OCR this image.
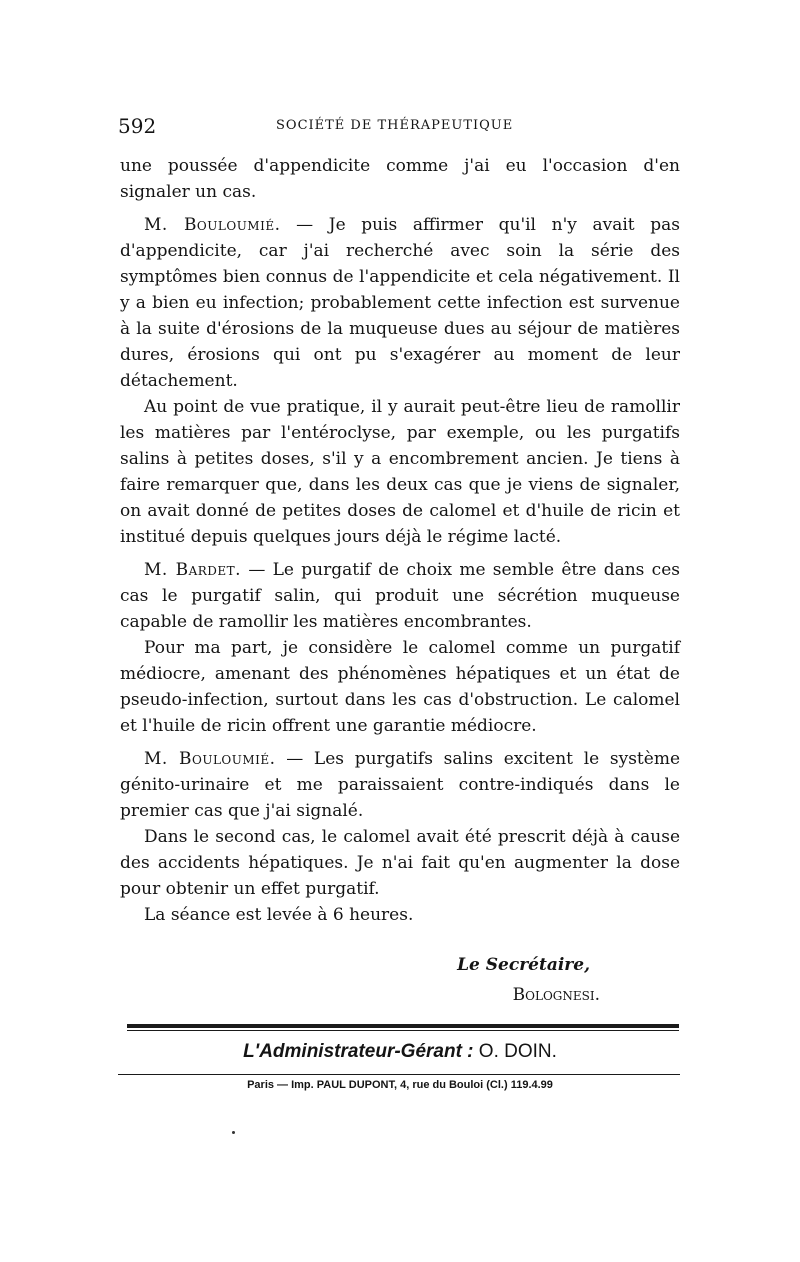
592	SOCIÉTÉ DE THÉRAPEUTIQUE

une poussée d'appendicite comme j'ai eu l'occasion d'en signaler un cas.

M. Bouloumié. — Je puis affirmer qu'il n'y avait pas d'appendicite, car j'ai recherché avec soin la série des symptômes bien connus de l'appendicite et cela négativement. Il y a bien eu infection; probablement cette infection est survenue à la suite d'érosions de la muqueuse dues au séjour de matières dures, érosions qui ont pu s'exagérer au moment de leur détachement.

Au point de vue pratique, il y aurait peut-être lieu de ramollir les matières par l'entéroclyse, par exemple, ou les purgatifs salins à petites doses, s'il y a encombrement ancien. Je tiens à faire remarquer que, dans les deux cas que je viens de signaler, on avait donné de petites doses de calomel et d'huile de ricin et institué depuis quelques jours déjà le régime lacté.

M. Bardet. — Le purgatif de choix me semble être dans ces cas le purgatif salin, qui produit une sécrétion muqueuse capable de ramollir les matières encombrantes.

Pour ma part, je considère le calomel comme un purgatif médiocre, amenant des phénomènes hépatiques et un état de pseudo-infection, surtout dans les cas d'obstruction. Le calomel et l'huile de ricin offrent une garantie médiocre.

M. Bouloumié. — Les purgatifs salins excitent le système génito-urinaire et me paraissaient contre-indiqués dans le premier cas que j'ai signalé.

Dans le second cas, le calomel avait été prescrit déjà à cause des accidents hépatiques. Je n'ai fait qu'en augmenter la dose pour obtenir un effet purgatif.

La séance est levée à 6 heures.

Le Secrétaire,
Bolognesi.
L'Administrateur-Gérant : O. DOIN.
Paris — Imp. PAUL DUPONT, 4, rue du Bouloi (Cl.) 119.4.99
